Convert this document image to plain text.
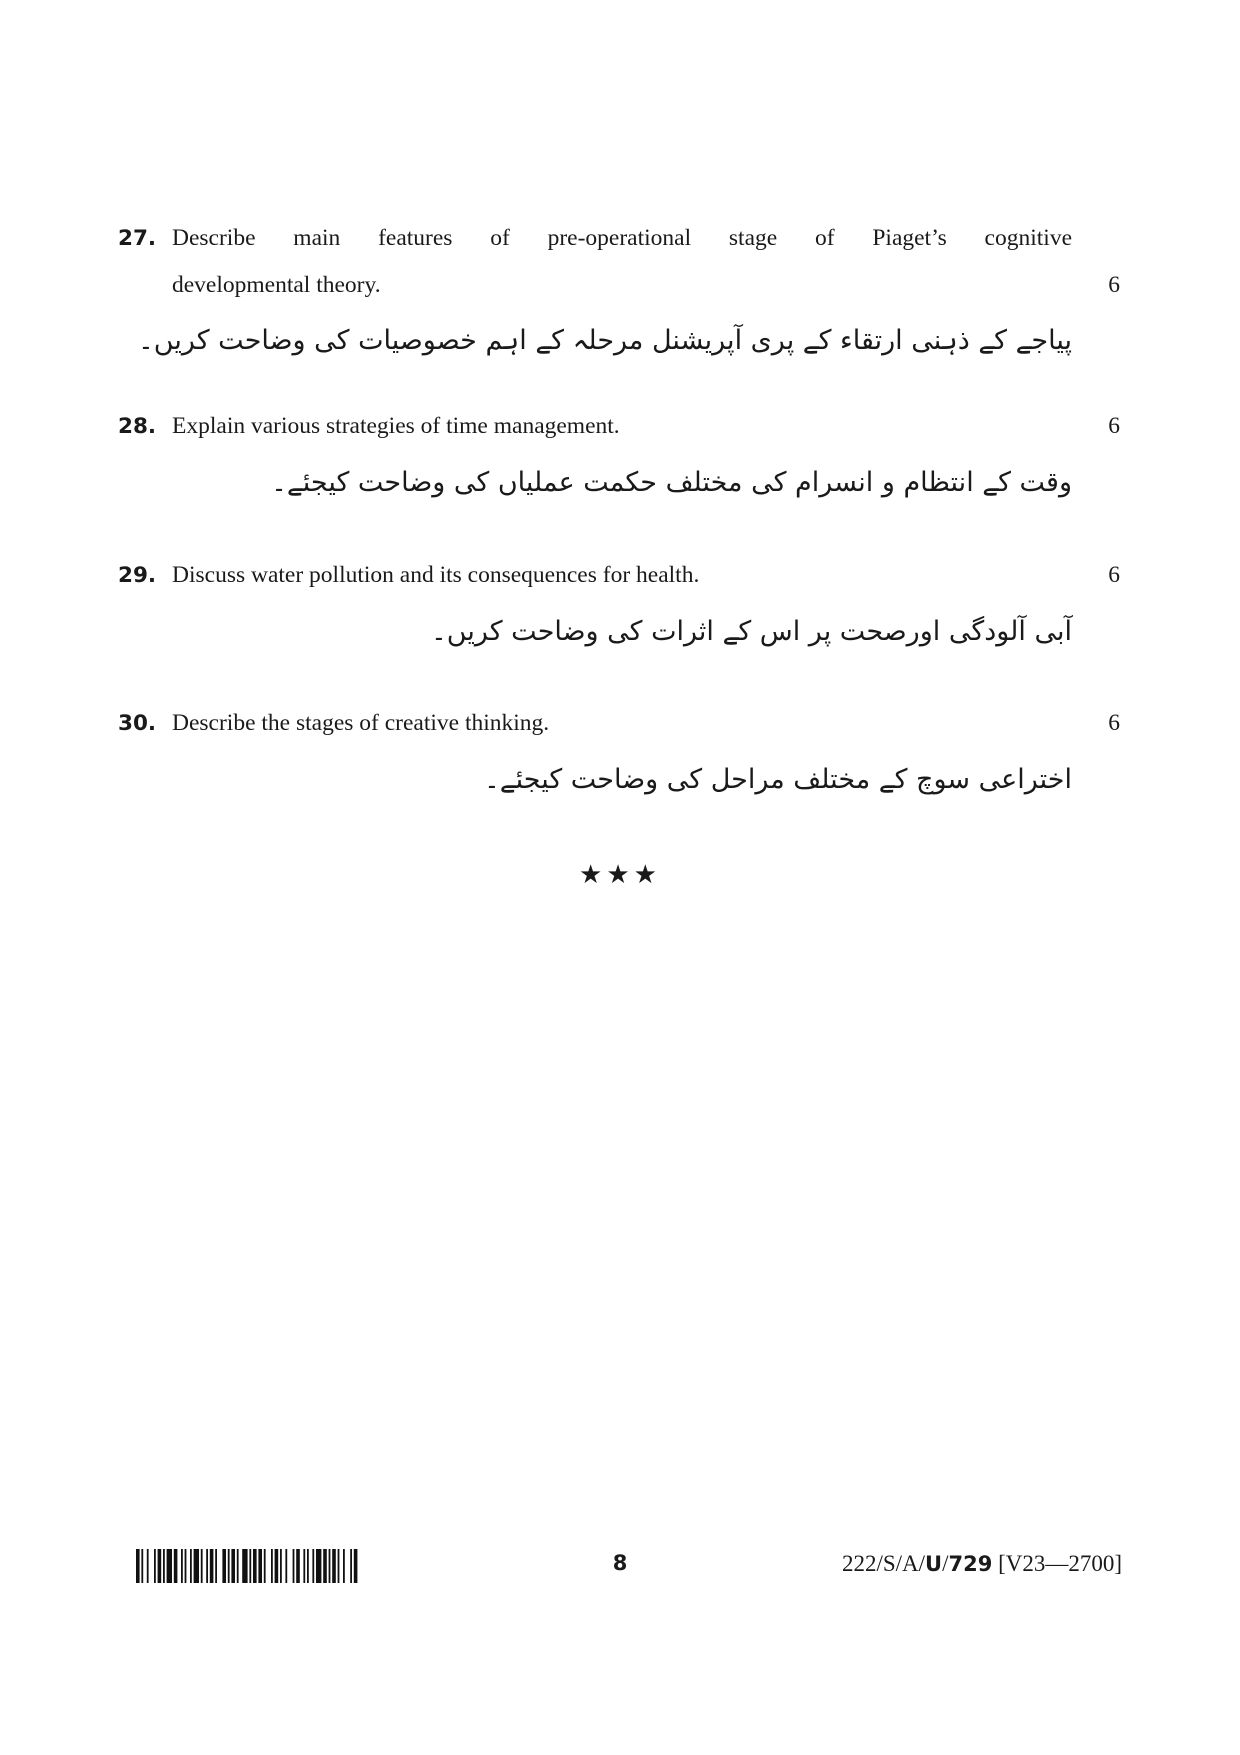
27. Describe main features of pre-operational stage of Piaget’s cognitive
developmental theory.	6
پیاجے کے ذہنی ارتقاء کے پری آپریشنل مرحلہ کے اہم خصوصیات کی وضاحت کریں۔
28. Explain various strategies of time management.	6
وقت کے انتظام و انسرام کی مختلف حکمت عملیاں کی وضاحت کیجئے۔
29. Discuss water pollution and its consequences for health.	6
آبی آلودگی اورصحت پر اس کے اثرات کی وضاحت کریں۔
30. Describe the stages of creative thinking.	6
اختراعی سوچ کے مختلف مراحل کی وضاحت کیجئے۔
★★★
8	222/S/A/U/729 [V23—2700]
